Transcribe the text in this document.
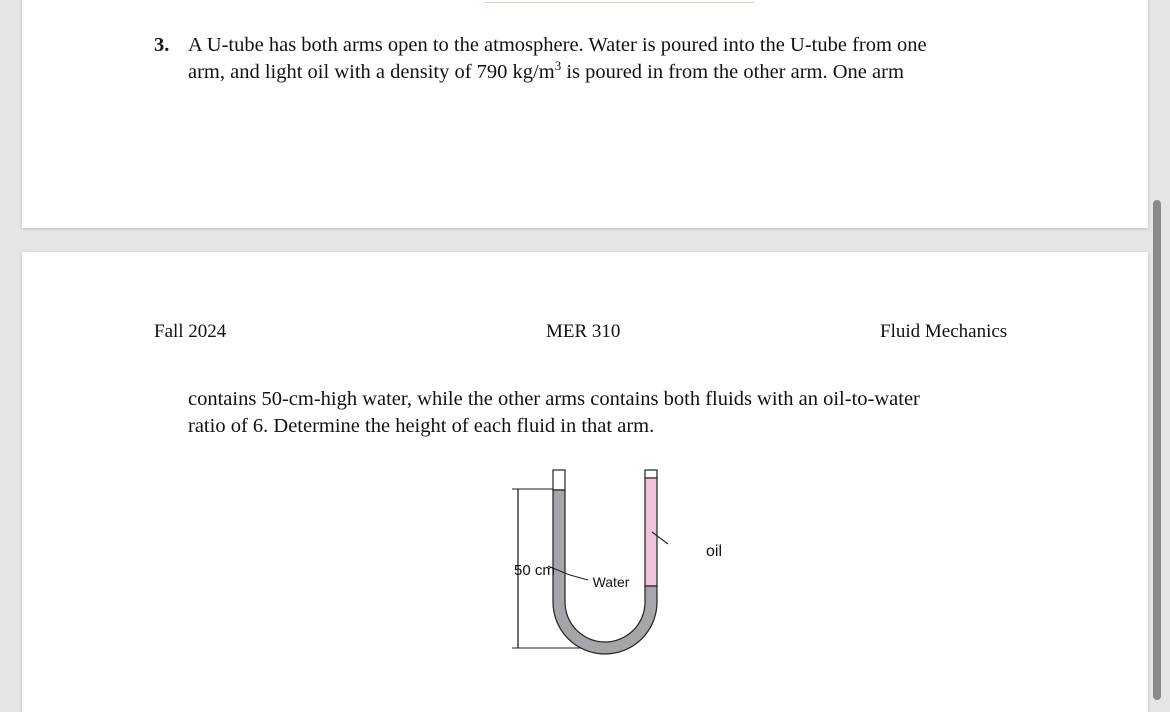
3. A U-tube has both arms open to the atmosphere. Water is poured into the U-tube from one
arm, and light oil with a density of 790 $kg/m^3$ is poured in from the other arm. One arm
Fall 2024	MER 310	Fluid Mechanics
contains 50-cm-high water, while the other arms contains both fluids with an oil-to-water
ratio of 6. Determine the height of each fluid in that arm.
50 cm
Water
oil
